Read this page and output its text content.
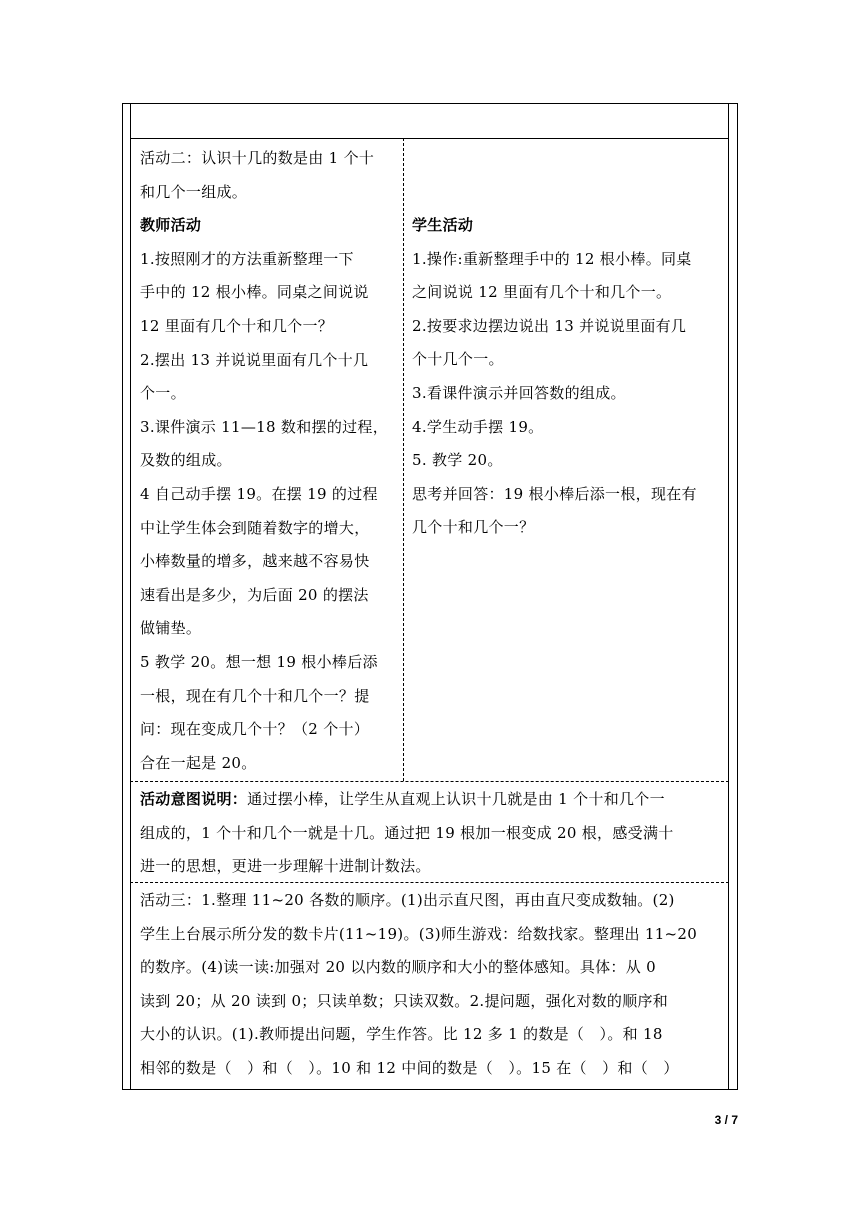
活动二：认识十几的数是由 1 个十

和几个一组成。

教师活动

1.按照刚才的方法重新整理一下

手中的 12 根小棒。同桌之间说说

12 里面有几个十和几个一？

2.摆出 13 并说说里面有几个十几

个一。

3.课件演示 11—18 数和摆的过程，

及数的组成。

4 自己动手摆 19。在摆 19 的过程

中让学生体会到随着数字的增大，

小棒数量的增多，越来越不容易快

速看出是多少，为后面 20 的摆法

做铺垫。

5 教学 20。想一想 19 根小棒后添

一根，现在有几个十和几个一？提

问：现在变成几个十？（2 个十）

合在一起是 20。

学生活动

1.操作:重新整理手中的 12 根小棒。同桌

之间说说 12 里面有几个十和几个一。

2.按要求边摆边说出 13 并说说里面有几

个十几个一。

3.看课件演示并回答数的组成。

4.学生动手摆 19。

5. 教学 20。

思考并回答：19 根小棒后添一根，现在有

几个十和几个一？

活动意图说明：通过摆小棒，让学生从直观上认识十几就是由 1 个十和几个一

组成的，1 个十和几个一就是十几。通过把 19 根加一根变成 20 根，感受满十

进一的思想，更进一步理解十进制计数法。

活动三：1.整理 11~20 各数的顺序。(1)出示直尺图，再由直尺变成数轴。(2)

学生上台展示所分发的数卡片(11~19)。(3)师生游戏：给数找家。整理出 11~20

的数序。(4)读一读:加强对 20 以内数的顺序和大小的整体感知。具体：从 0

读到 20；从 20 读到 0；只读单数；只读双数。2.提问题，强化对数的顺序和

大小的认识。(1).教师提出问题，学生作答。比 12 多 1 的数是（　）。和 18

相邻的数是（　）和（　）。10 和 12 中间的数是（　）。15 在（　）和（　）

3 / 7
